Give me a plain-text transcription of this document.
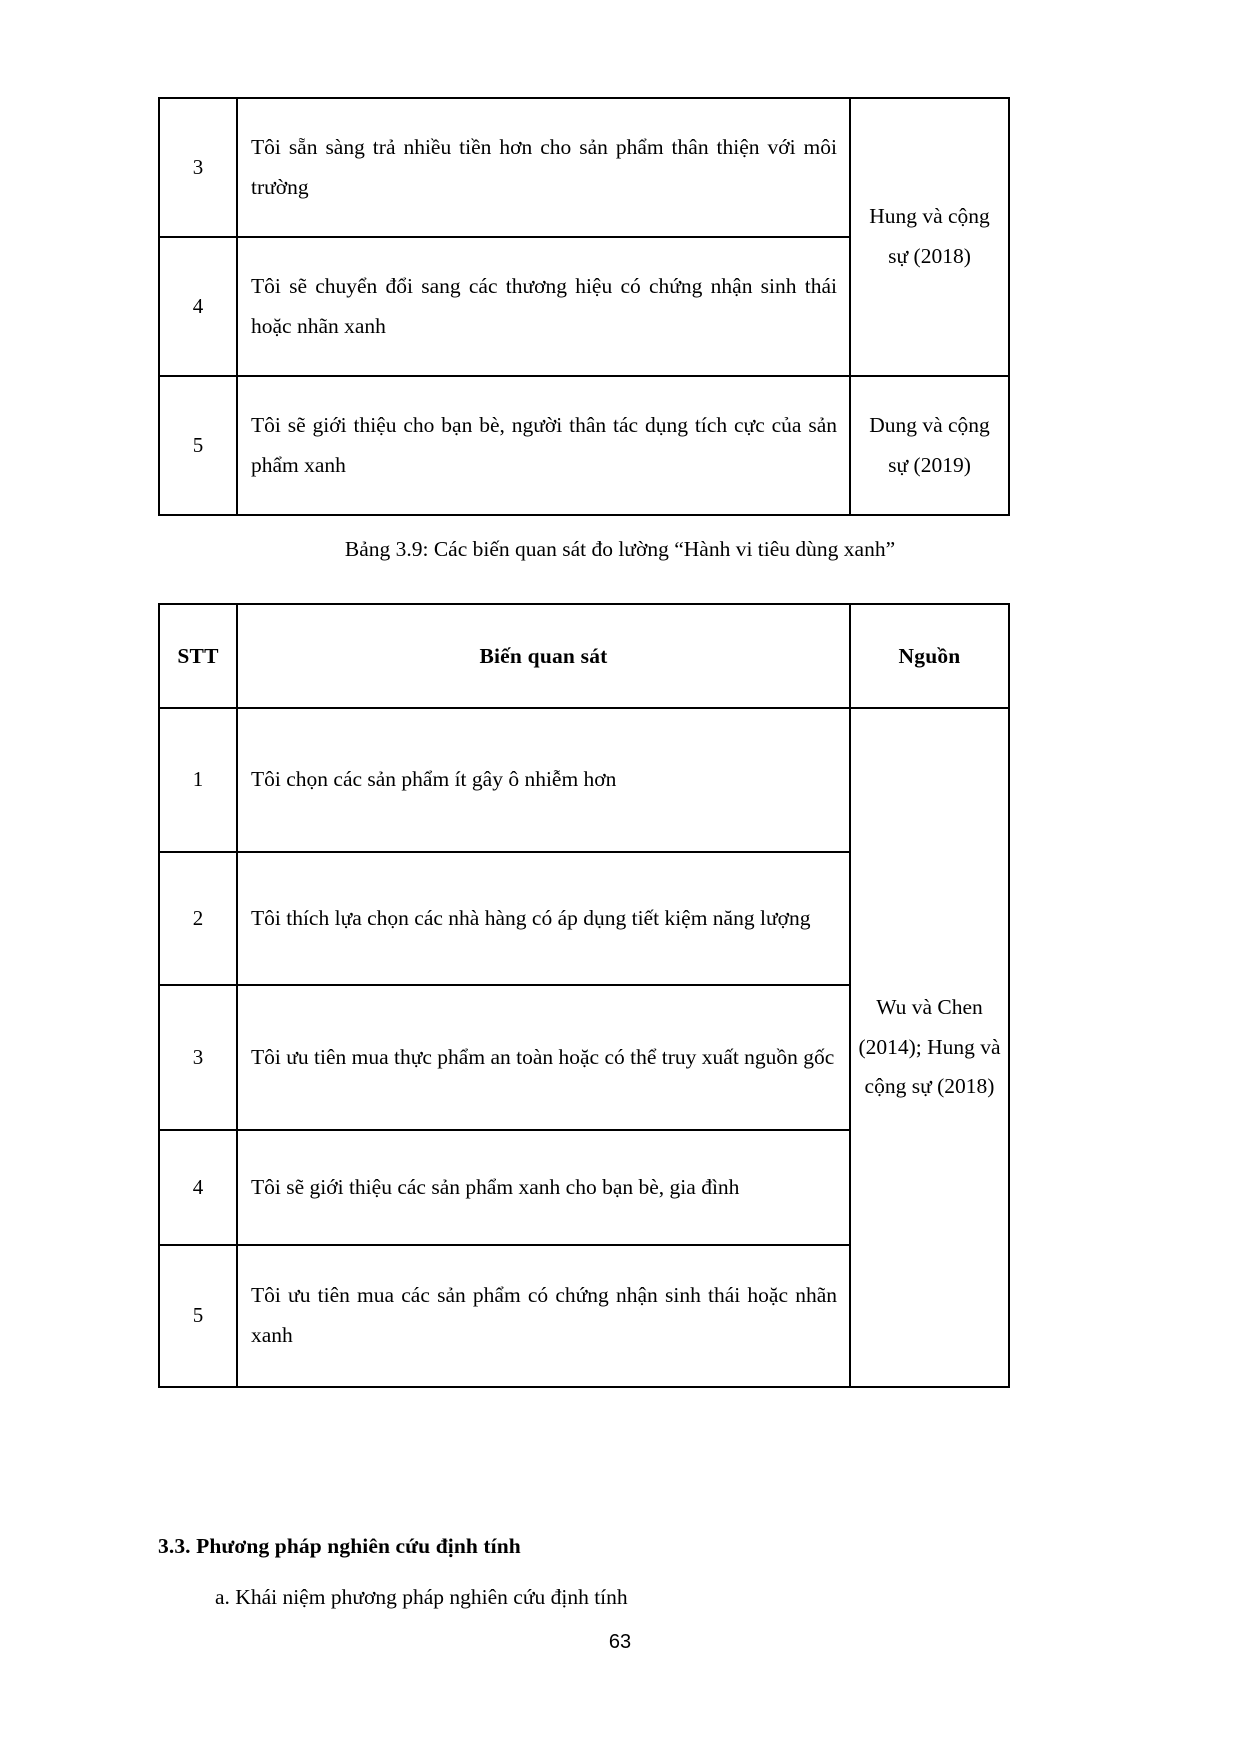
3	Tôi sẵn sàng trả nhiều tiền hơn cho sản phẩm thân thiện với môi trường	Hung và cộng sự (2018)
4	Tôi sẽ chuyển đổi sang các thương hiệu có chứng nhận sinh thái hoặc nhãn xanh	
5	Tôi sẽ giới thiệu cho bạn bè, người thân tác dụng tích cực của sản phẩm xanh	Dung và cộng sự (2019)
Bảng 3.9: Các biến quan sát đo lường “Hành vi tiêu dùng xanh”
STT	Biến quan sát	Nguồn
1	Tôi chọn các sản phẩm ít gây ô nhiễm hơn	Wu và Chen (2014); Hung và cộng sự (2018)
2	Tôi thích lựa chọn các nhà hàng có áp dụng tiết kiệm năng lượng	
3	Tôi ưu tiên mua thực phẩm an toàn hoặc có thể truy xuất nguồn gốc	
4	Tôi sẽ giới thiệu các sản phẩm xanh cho bạn bè, gia đình	
5	Tôi ưu tiên mua các sản phẩm có chứng nhận sinh thái hoặc nhãn xanh	
3.3. Phương pháp nghiên cứu định tính
a. Khái niệm phương pháp nghiên cứu định tính
63
